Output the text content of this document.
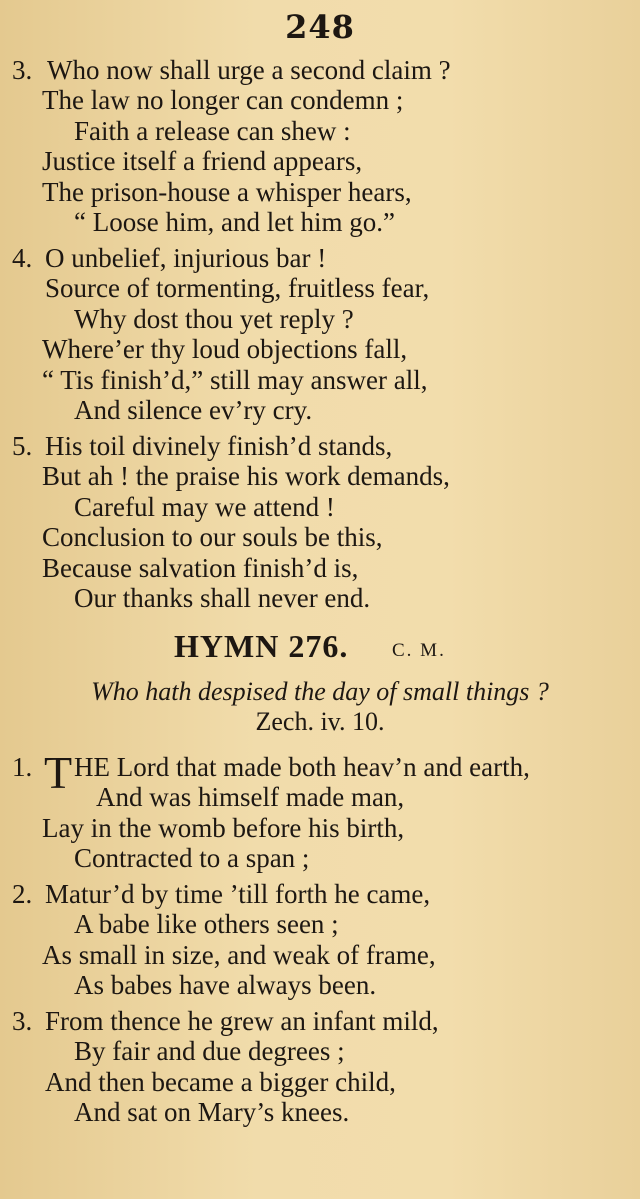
248
3. Who now shall urge a second claim ?
The law no longer can condemn ;
Faith a release can shew :
Justice itself a friend appears,
The prison-house a whisper hears,
“ Loose him, and let him go.”
4. O unbelief, injurious bar !
Source of tormenting, fruitless fear,
Why dost thou yet reply ?
Where’er thy loud objections fall,
“ Tis finish’d,” still may answer all,
And silence ev’ry cry.
5. His toil divinely finish’d stands,
But ah ! the praise his work demands,
Careful may we attend !
Conclusion to our souls be this,
Because salvation finish’d is,
Our thanks shall never end.
HYMN 276. C. M.
Who hath despised the day of small things ?
Zech. iv. 10.
1. T HE Lord that made both heav’n and earth,
And was himself made man,
Lay in the womb before his birth,
Contracted to a span ;
2. Matur’d by time ’till forth he came,
A babe like others seen ;
As small in size, and weak of frame,
As babes have always been.
3. From thence he grew an infant mild,
By fair and due degrees ;
And then became a bigger child,
And sat on Mary’s knees.
